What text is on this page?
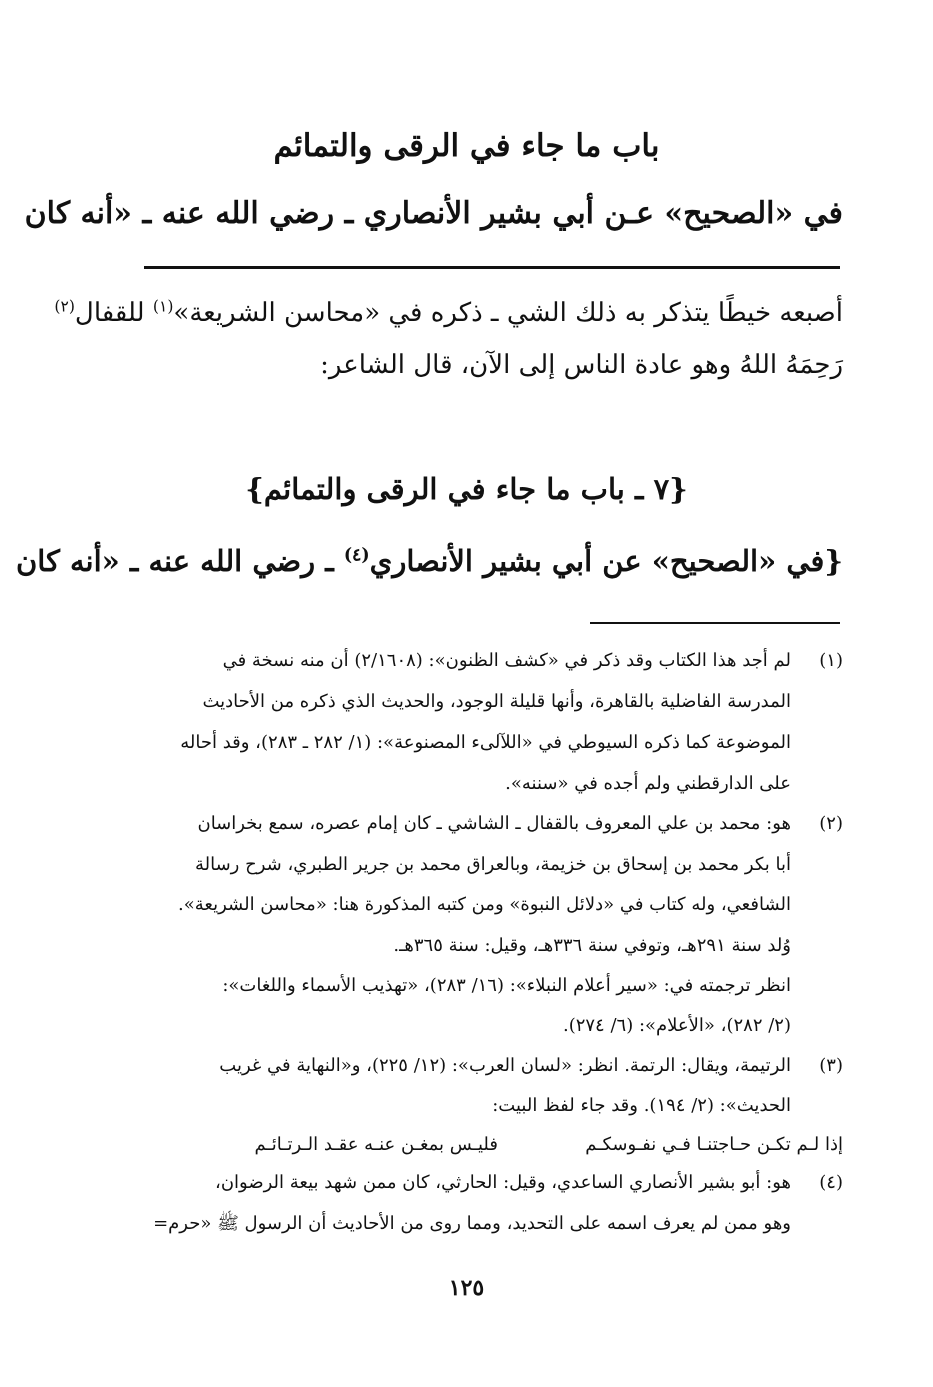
باب ما جاء في الرقى والتمائم
في «الصحيح» عـن أبي بشير الأنصاري ـ رضي الله عنه ـ «أنه كان
أصبعه خيطًا يتذكر به ذلك الشي ـ ذكره في «محاسن الشريعة»$^{(١)}$ للقفال$^{(٢)}$
رَحِمَهُ اللهُ وهو عادة الناس إلى الآن، قال الشاعر:
{٧ ـ باب ما جاء في الرقى والتمائم}
{في «الصحيح» عن أبي بشير الأنصاري$^{(٤)}$ ـ رضي الله عنه ـ «أنه كان
(١)
لم أجد هذا الكتاب وقد ذكر في «كشف الظنون»: (٢/١٦٠٨) أن منه نسخة في
المدرسة الفاضلية بالقاهرة، وأنها قليلة الوجود، والحديث الذي ذكره من الأحاديث
الموضوعة كما ذكره السيوطي في «اللآلىء المصنوعة»: (١/ ٢٨٢ ـ ٢٨٣)، وقد أحاله
على الدارقطني ولم أجده في «سننه».
(٢)
هو: محمد بن علي المعروف بالقفال ـ الشاشي ـ كان إمام عصره، سمع بخراسان
أبا بكر محمد بن إسحاق بن خزيمة، وبالعراق محمد بن جرير الطبري، شرح رسالة
الشافعي، وله كتاب في «دلائل النبوة» ومن كتبه المذكورة هنا: «محاسن الشريعة».
وُلد سنة ٢٩١هـ، وتوفي سنة ٣٣٦هـ، وقيل: سنة ٣٦٥هـ.
انظر ترجمته في: «سير أعلام النبلاء»: (١٦/ ٢٨٣)، «تهذيب الأسماء واللغات»:
(٢/ ٢٨٢)، «الأعلام»: (٦/ ٢٧٤).
(٣)
الرتيمة، ويقال: الرتمة. انظر: «لسان العرب»: (١٢/ ٢٢٥)، و«النهاية في غريب
الحديث»: (٢/ ١٩٤). وقد جاء لفظ البيت:
إذا لـم تكـن حـاجتنـا فـي نفـوسكـم
فليـس بمغـن عنـه عقـد الـرتـائـم
(٤)
هو: أبو بشير الأنصاري الساعدي، وقيل: الحارثي، كان ممن شهد بيعة الرضوان،
وهو ممن لم يعرف اسمه على التحديد، ومما روى من الأحاديث أن الرسول ﷺ «حرم=
١٢٥
